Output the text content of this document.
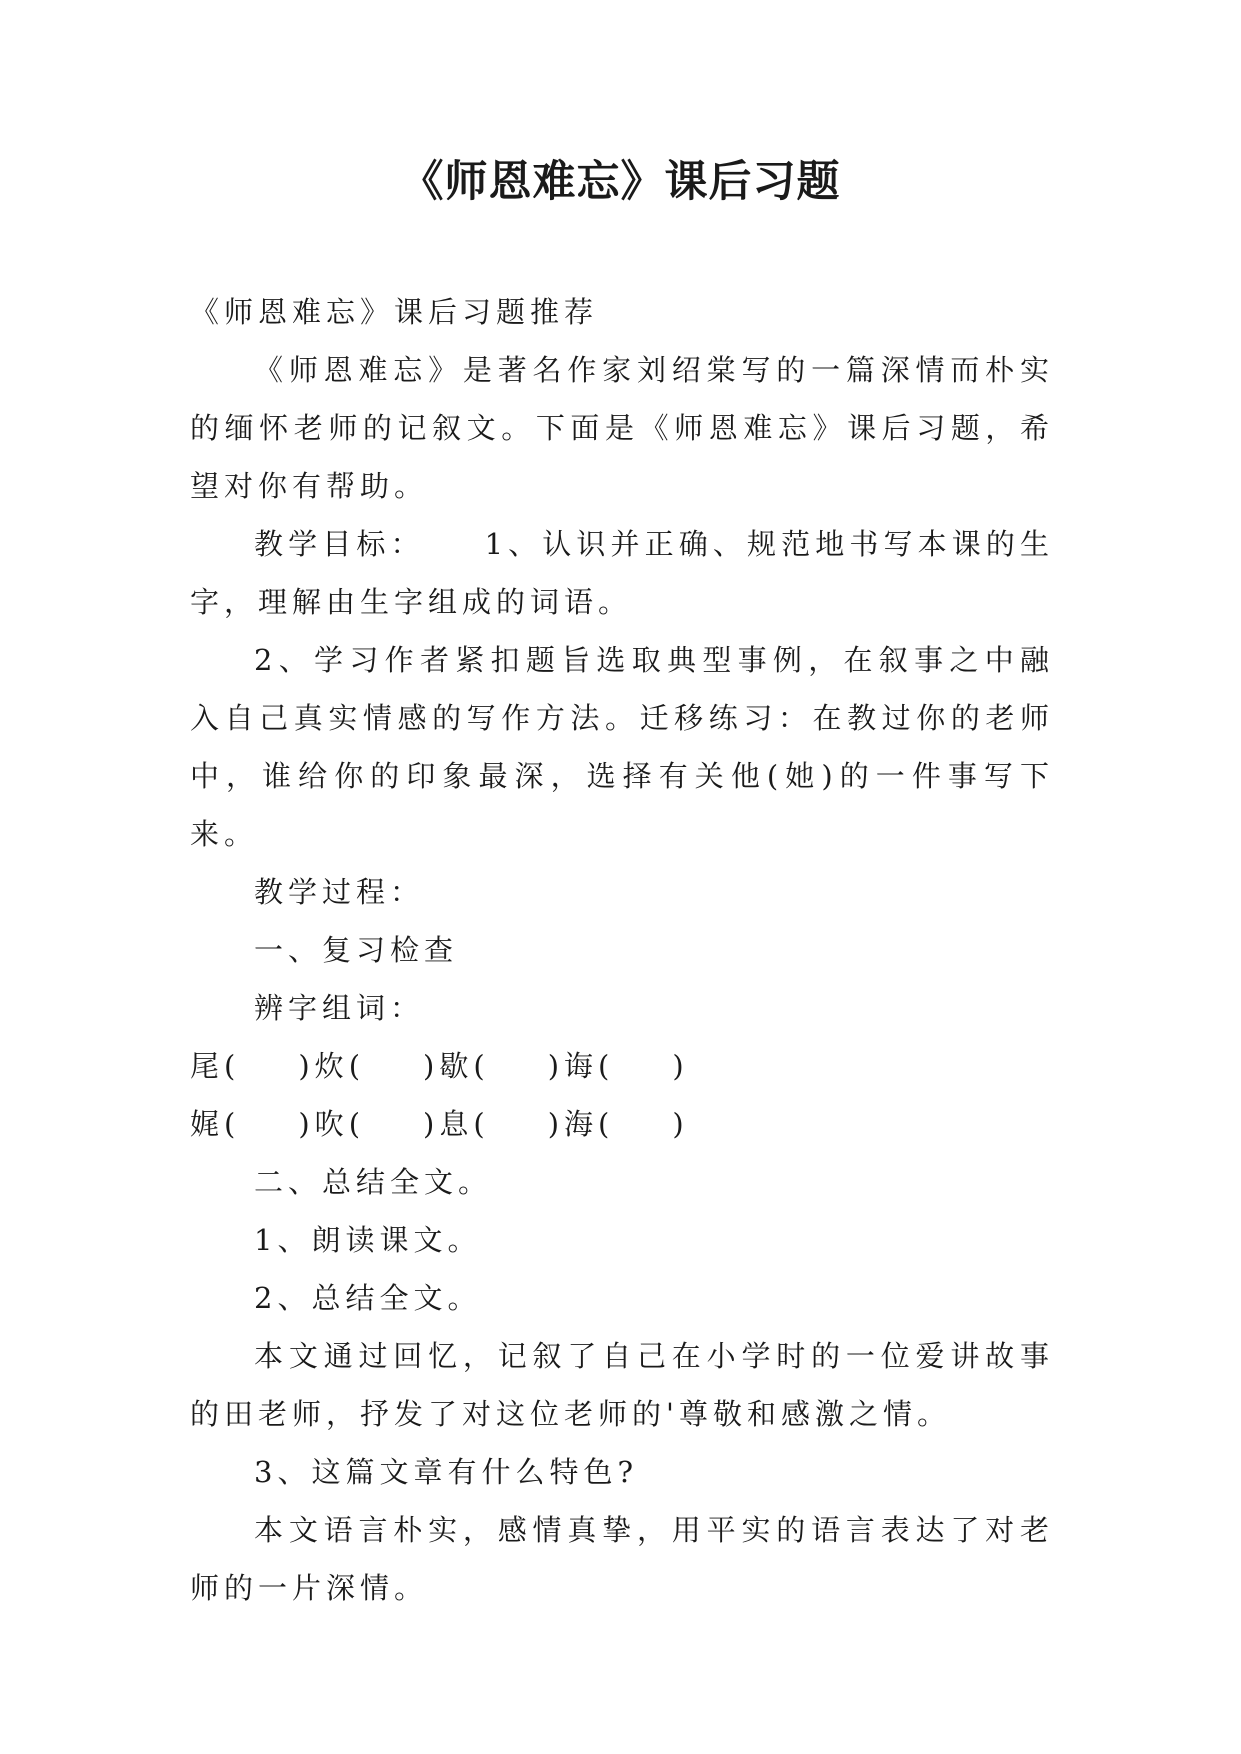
《师恩难忘》课后习题

《师恩难忘》课后习题推荐

《师恩难忘》是著名作家刘绍棠写的一篇深情而朴实的缅怀老师的记叙文。下面是《师恩难忘》课后习题，希望对你有帮助。

教学目标： 1、认识并正确、规范地书写本课的生字，理解由生字组成的词语。

2、学习作者紧扣题旨选取典型事例，在叙事之中融入自己真实情感的写作方法。迁移练习：在教过你的老师中，谁给你的印象最深，选择有关他(她)的一件事写下来。

教学过程：

一、复习检查

辨字组词：

尾( )炊( )歇( )诲( )

娓( )吹( )息( )海( )

二、总结全文。

1、朗读课文。

2、总结全文。

本文通过回忆，记叙了自己在小学时的一位爱讲故事的田老师，抒发了对这位老师的'尊敬和感激之情。

3、这篇文章有什么特色?

本文语言朴实，感情真挚，用平实的语言表达了对老师的一片深情。
